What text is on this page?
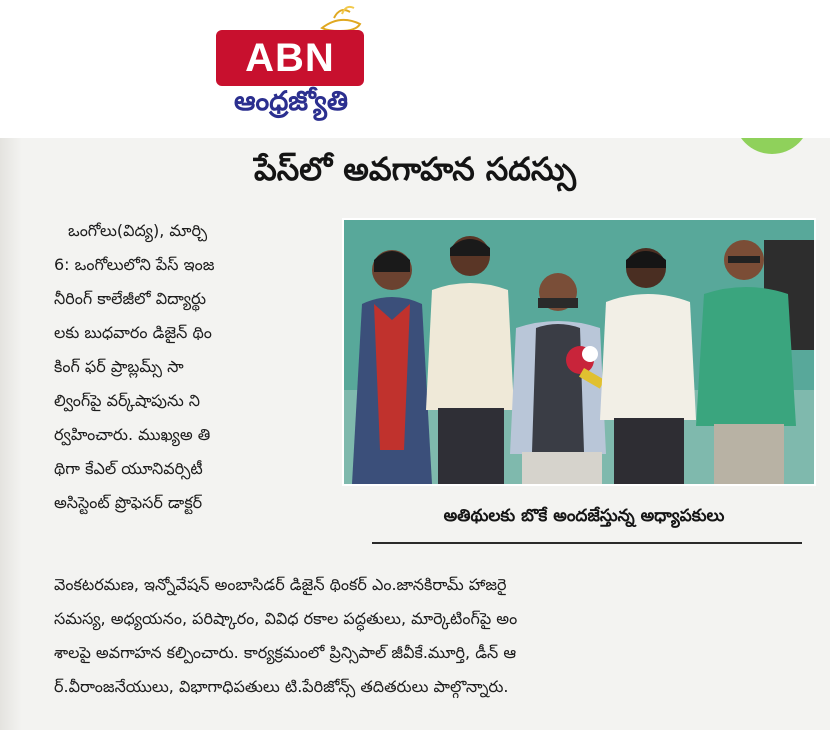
ABN
ఆంధ్రజ్యోతి
పేస్‌లో అవగాహన సదస్సు
ఒంగోలు(విద్య), మార్చి
6: ఒంగోలులోని పేస్ ఇంజ
నీరింగ్ కాలేజీలో విద్యార్థు
లకు బుధవారం డిజైన్ థిం
కింగ్ ఫర్ ప్రాబ్లమ్స్ సా
ల్వింగ్‌పై వర్క్‌షాపును ని
ర్వహించారు. ముఖ్యఅ తి
థిగా కేఎల్ యూనివర్సిటీ
అసిస్టెంట్ ప్రొఫెసర్ డాక్టర్
అతిథులకు బొకే అందజేస్తున్న అధ్యాపకులు
వెంకటరమణ, ఇన్నోవేషన్ అంబాసిడర్ డిజైన్ థింకర్ ఎం.జానకిరామ్ హాజరై
సమస్య, అధ్యయనం, పరిష్కారం, వివిధ రకాల పద్ధతులు, మార్కెటింగ్‌పై అం
శాలపై అవగాహన కల్పించారు. కార్యక్రమంలో ప్రిన్సిపాల్ జీవీకే.మూర్తి, డీన్ ఆ
ర్.వీరాంజనేయులు, విభాగాధిపతులు టి.పేరిజోన్స్ తదితరులు పాల్గొన్నారు.
